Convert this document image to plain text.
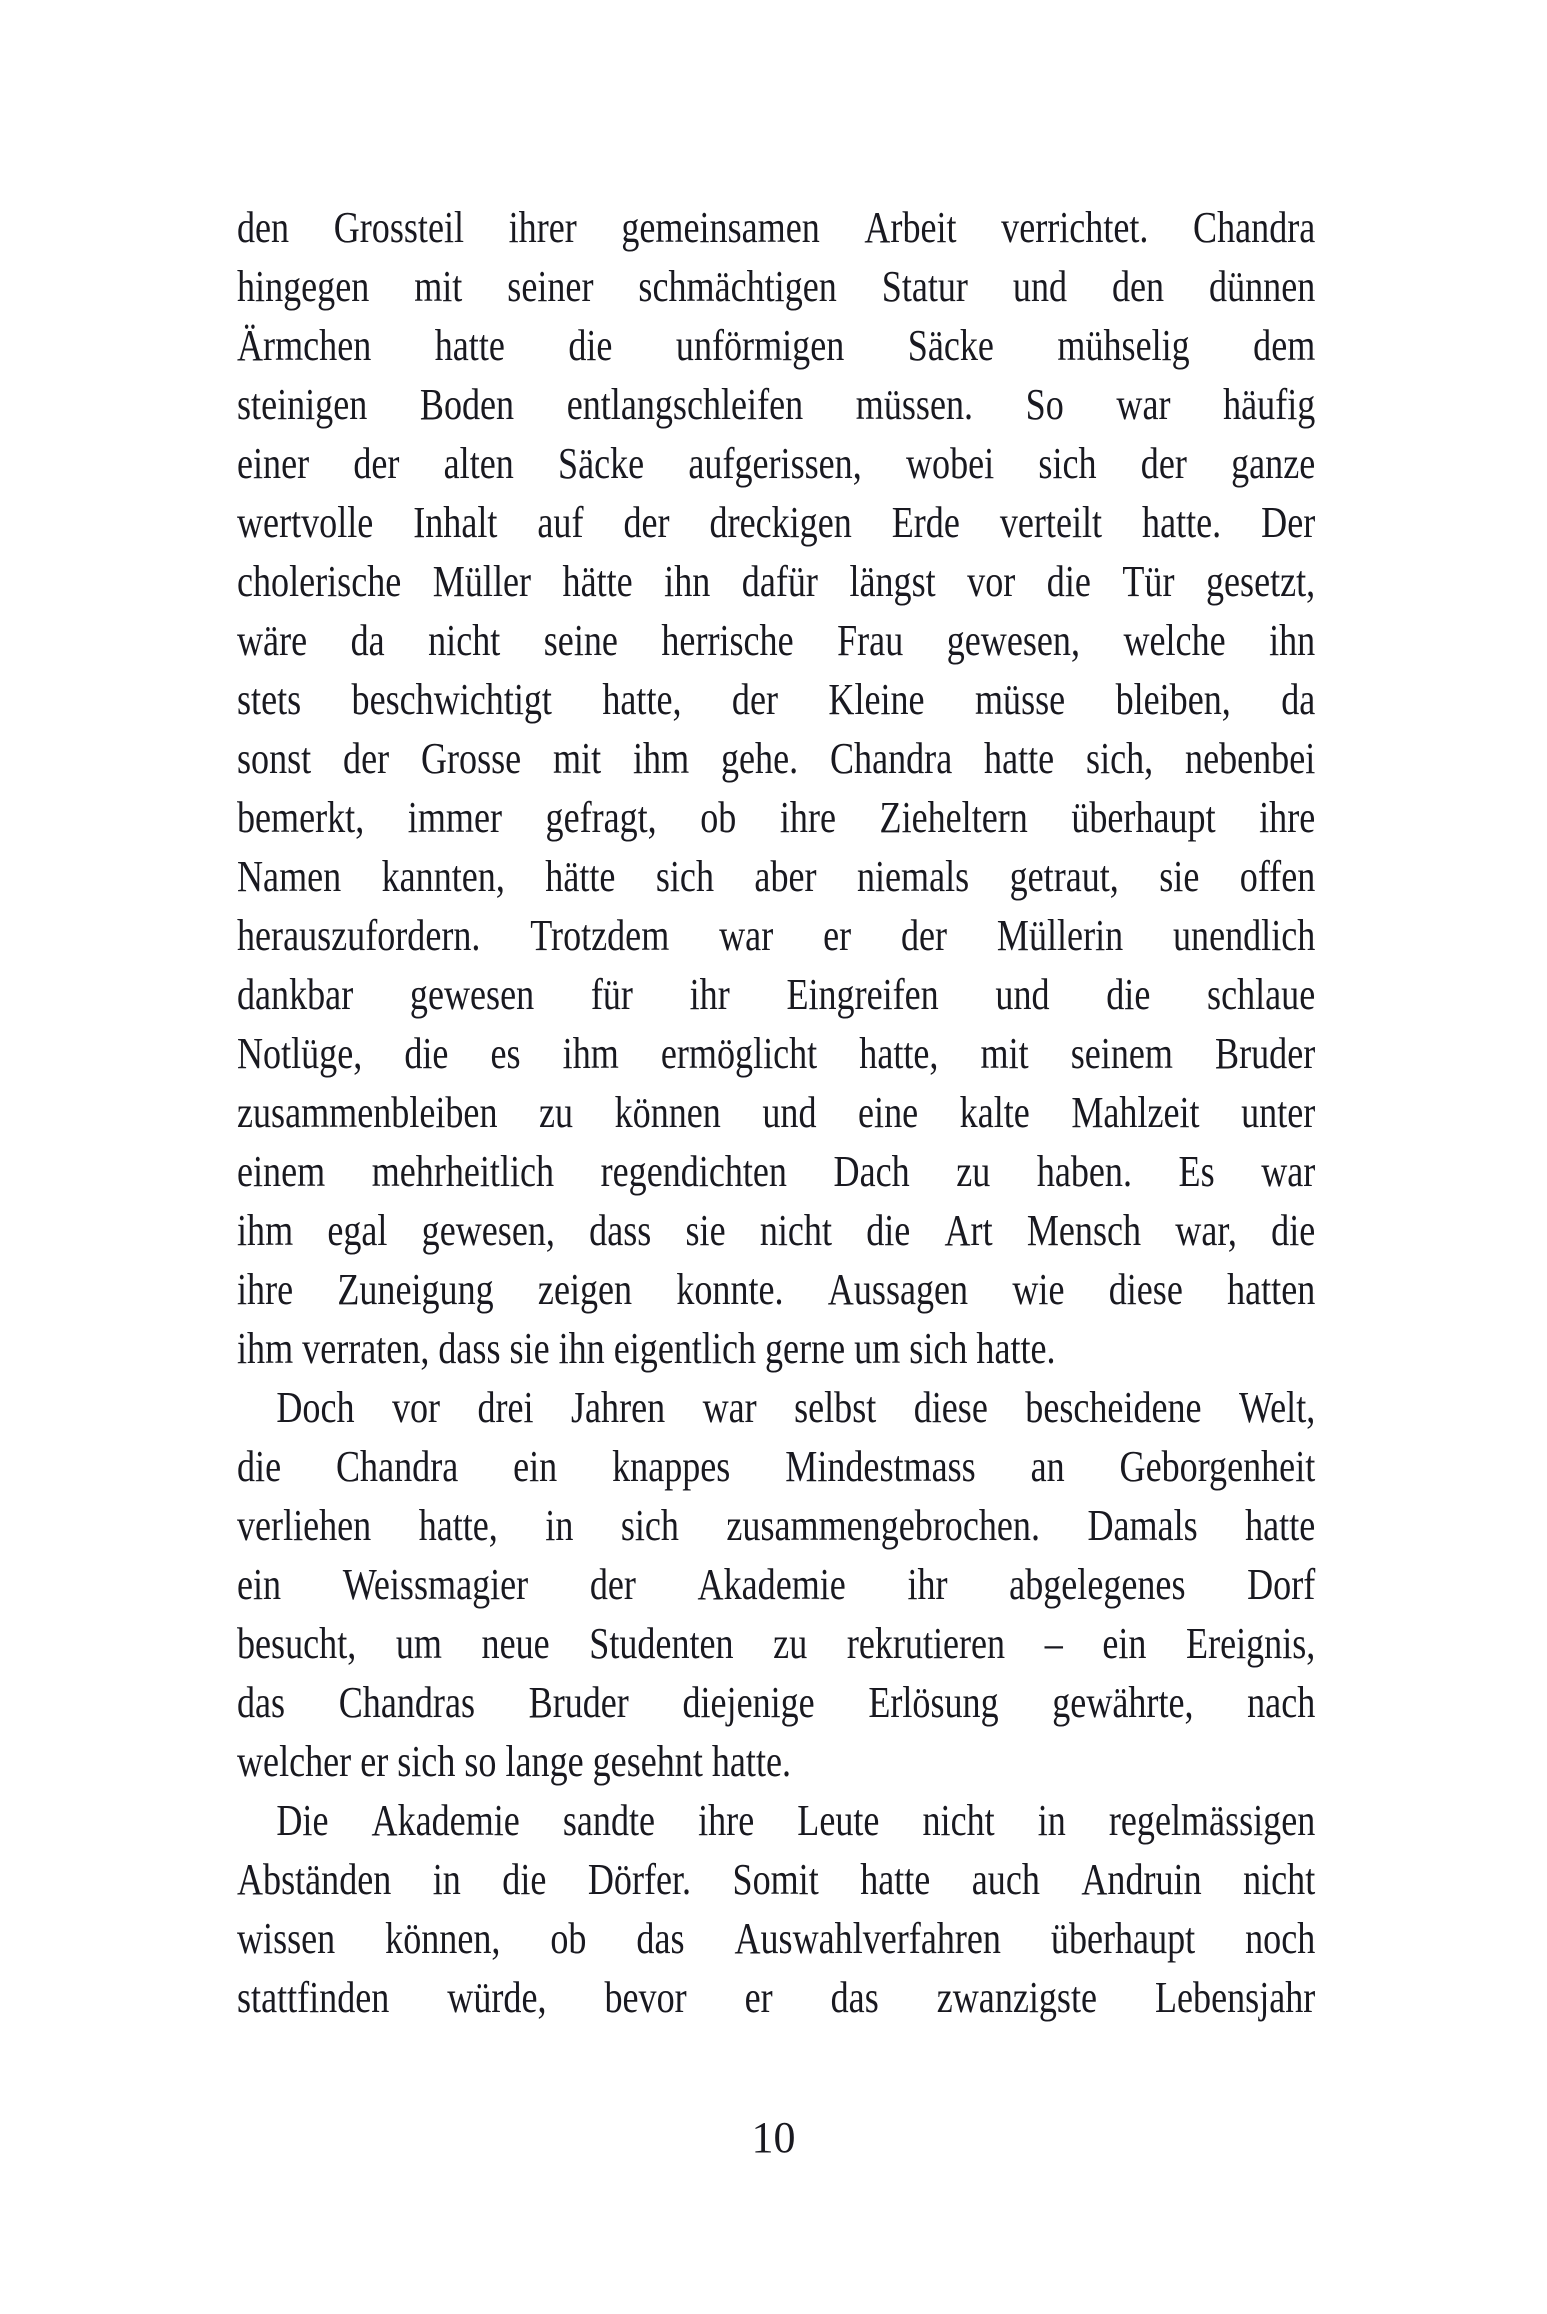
den Grossteil ihrer gemeinsamen Arbeit verrichtet. Chandra
hingegen mit seiner schmächtigen Statur und den dünnen
Ärmchen hatte die unförmigen Säcke mühselig dem
steinigen Boden entlangschleifen müssen. So war häufig
einer der alten Säcke aufgerissen, wobei sich der ganze
wertvolle Inhalt auf der dreckigen Erde verteilt hatte. Der
cholerische Müller hätte ihn dafür längst vor die Tür gesetzt,
wäre da nicht seine herrische Frau gewesen, welche ihn
stets beschwichtigt hatte, der Kleine müsse bleiben, da
sonst der Grosse mit ihm gehe. Chandra hatte sich, nebenbei
bemerkt, immer gefragt, ob ihre Zieheltern überhaupt ihre
Namen kannten, hätte sich aber niemals getraut, sie offen
herauszufordern. Trotzdem war er der Müllerin unendlich
dankbar gewesen für ihr Eingreifen und die schlaue
Notlüge, die es ihm ermöglicht hatte, mit seinem Bruder
zusammenbleiben zu können und eine kalte Mahlzeit unter
einem mehrheitlich regendichten Dach zu haben. Es war
ihm egal gewesen, dass sie nicht die Art Mensch war, die
ihre Zuneigung zeigen konnte. Aussagen wie diese hatten
ihm verraten, dass sie ihn eigentlich gerne um sich hatte.
Doch vor drei Jahren war selbst diese bescheidene Welt,
die Chandra ein knappes Mindestmass an Geborgenheit
verliehen hatte, in sich zusammengebrochen. Damals hatte
ein Weissmagier der Akademie ihr abgelegenes Dorf
besucht, um neue Studenten zu rekrutieren – ein Ereignis,
das Chandras Bruder diejenige Erlösung gewährte, nach
welcher er sich so lange gesehnt hatte.
Die Akademie sandte ihre Leute nicht in regelmässigen
Abständen in die Dörfer. Somit hatte auch Andruin nicht
wissen können, ob das Auswahlverfahren überhaupt noch
stattfinden würde, bevor er das zwanzigste Lebensjahr
10
